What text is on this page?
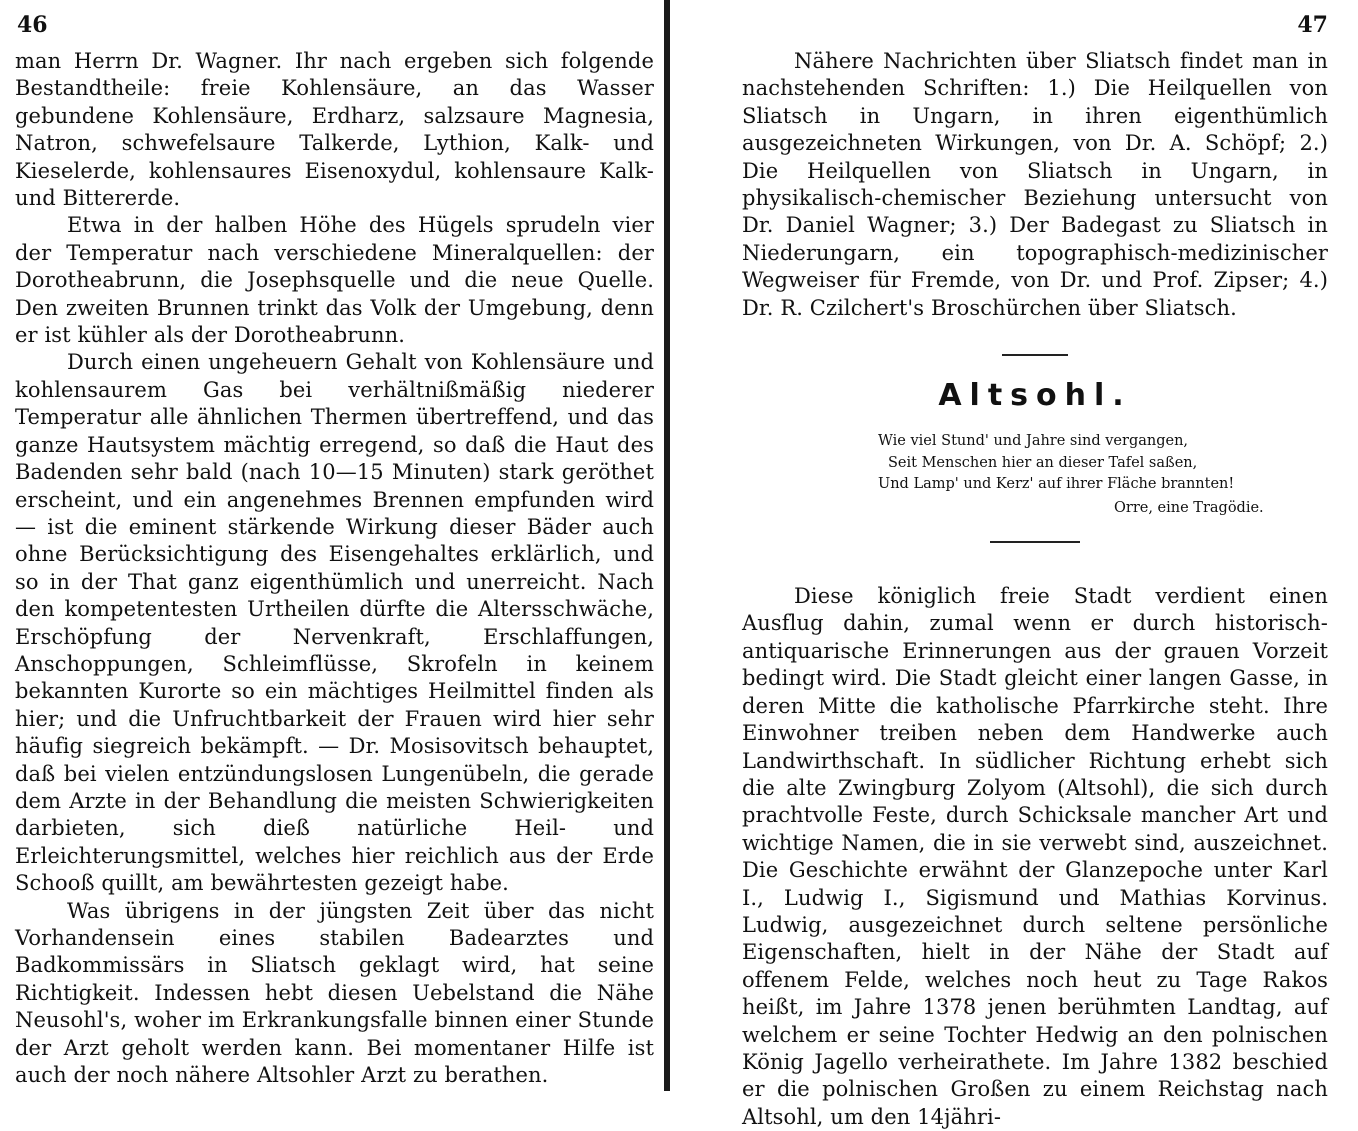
46

man Herrn Dr. Wagner. Ihr nach ergeben sich folgende Bestandtheile: freie Kohlensäure, an das Wasser gebundene Kohlensäure, Erdharz, salzsaure Magnesia, Natron, schwefelsaure Talkerde, Lythion, Kalk- und Kieselerde, kohlensaures Eisenoxydul, kohlensaure Kalk- und Bittererde.

Etwa in der halben Höhe des Hügels sprudeln vier der Temperatur nach verschiedene Mineralquellen: der Dorotheabrunn, die Josephsquelle und die neue Quelle. Den zweiten Brunnen trinkt das Volk der Umgebung, denn er ist kühler als der Dorotheabrunn.

Durch einen ungeheuern Gehalt von Kohlensäure und kohlensaurem Gas bei verhältnißmäßig niederer Temperatur alle ähnlichen Thermen übertreffend, und das ganze Hautsystem mächtig erregend, so daß die Haut des Badenden sehr bald (nach 10—15 Minuten) stark geröthet erscheint, und ein angenehmes Brennen empfunden wird — ist die eminent stärkende Wirkung dieser Bäder auch ohne Berücksichtigung des Eisengehaltes erklärlich, und so in der That ganz eigenthümlich und unerreicht. Nach den kompetentesten Urtheilen dürfte die Altersschwäche, Erschöpfung der Nervenkraft, Erschlaffungen, Anschoppungen, Schleimflüsse, Skrofeln in keinem bekannten Kurorte so ein mächtiges Heilmittel finden als hier; und die Unfruchtbarkeit der Frauen wird hier sehr häufig siegreich bekämpft. — Dr. Mosisovitsch behauptet, daß bei vielen entzündungslosen Lungenübeln, die gerade dem Arzte in der Behandlung die meisten Schwierigkeiten darbieten, sich dieß natürliche Heil- und Erleichterungsmittel, welches hier reichlich aus der Erde Schooß quillt, am bewährtesten gezeigt habe.

Was übrigens in der jüngsten Zeit über das nicht Vorhandensein eines stabilen Badearztes und Badkommissärs in Sliatsch geklagt wird, hat seine Richtigkeit. Indessen hebt diesen Uebelstand die Nähe Neusohl's, woher im Erkrankungsfalle binnen einer Stunde der Arzt geholt werden kann. Bei momentaner Hilfe ist auch der noch nähere Altsohler Arzt zu berathen.

47

Nähere Nachrichten über Sliatsch findet man in nachstehenden Schriften: 1.) Die Heilquellen von Sliatsch in Ungarn, in ihren eigenthümlich ausgezeichneten Wirkungen, von Dr. A. Schöpf; 2.) Die Heilquellen von Sliatsch in Ungarn, in physikalisch-chemischer Beziehung untersucht von Dr. Daniel Wagner; 3.) Der Badegast zu Sliatsch in Niederungarn, ein topographisch-medizinischer Wegweiser für Fremde, von Dr. und Prof. Zipser; 4.) Dr. R. Czilchert's Broschürchen über Sliatsch.

Altsohl.
Wie viel Stund' und Jahre sind vergangen,
Seit Menschen hier an dieser Tafel saßen,
Und Lamp' und Kerz' auf ihrer Fläche brannten!
Orre, eine Tragödie.

Diese königlich freie Stadt verdient einen Ausflug dahin, zumal wenn er durch historisch-antiquarische Erinnerungen aus der grauen Vorzeit bedingt wird. Die Stadt gleicht einer langen Gasse, in deren Mitte die katholische Pfarrkirche steht. Ihre Einwohner treiben neben dem Handwerke auch Landwirthschaft. In südlicher Richtung erhebt sich die alte Zwingburg Zolyom (Altsohl), die sich durch prachtvolle Feste, durch Schicksale mancher Art und wichtige Namen, die in sie verwebt sind, auszeichnet. Die Geschichte erwähnt der Glanzepoche unter Karl I., Ludwig I., Sigismund und Mathias Korvinus. Ludwig, ausgezeichnet durch seltene persönliche Eigenschaften, hielt in der Nähe der Stadt auf offenem Felde, welches noch heut zu Tage Rakos heißt, im Jahre 1378 jenen berühmten Landtag, auf welchem er seine Tochter Hedwig an den polnischen König Jagello verheirathete. Im Jahre 1382 beschied er die polnischen Großen zu einem Reichstag nach Altsohl, um den 14jähri-
